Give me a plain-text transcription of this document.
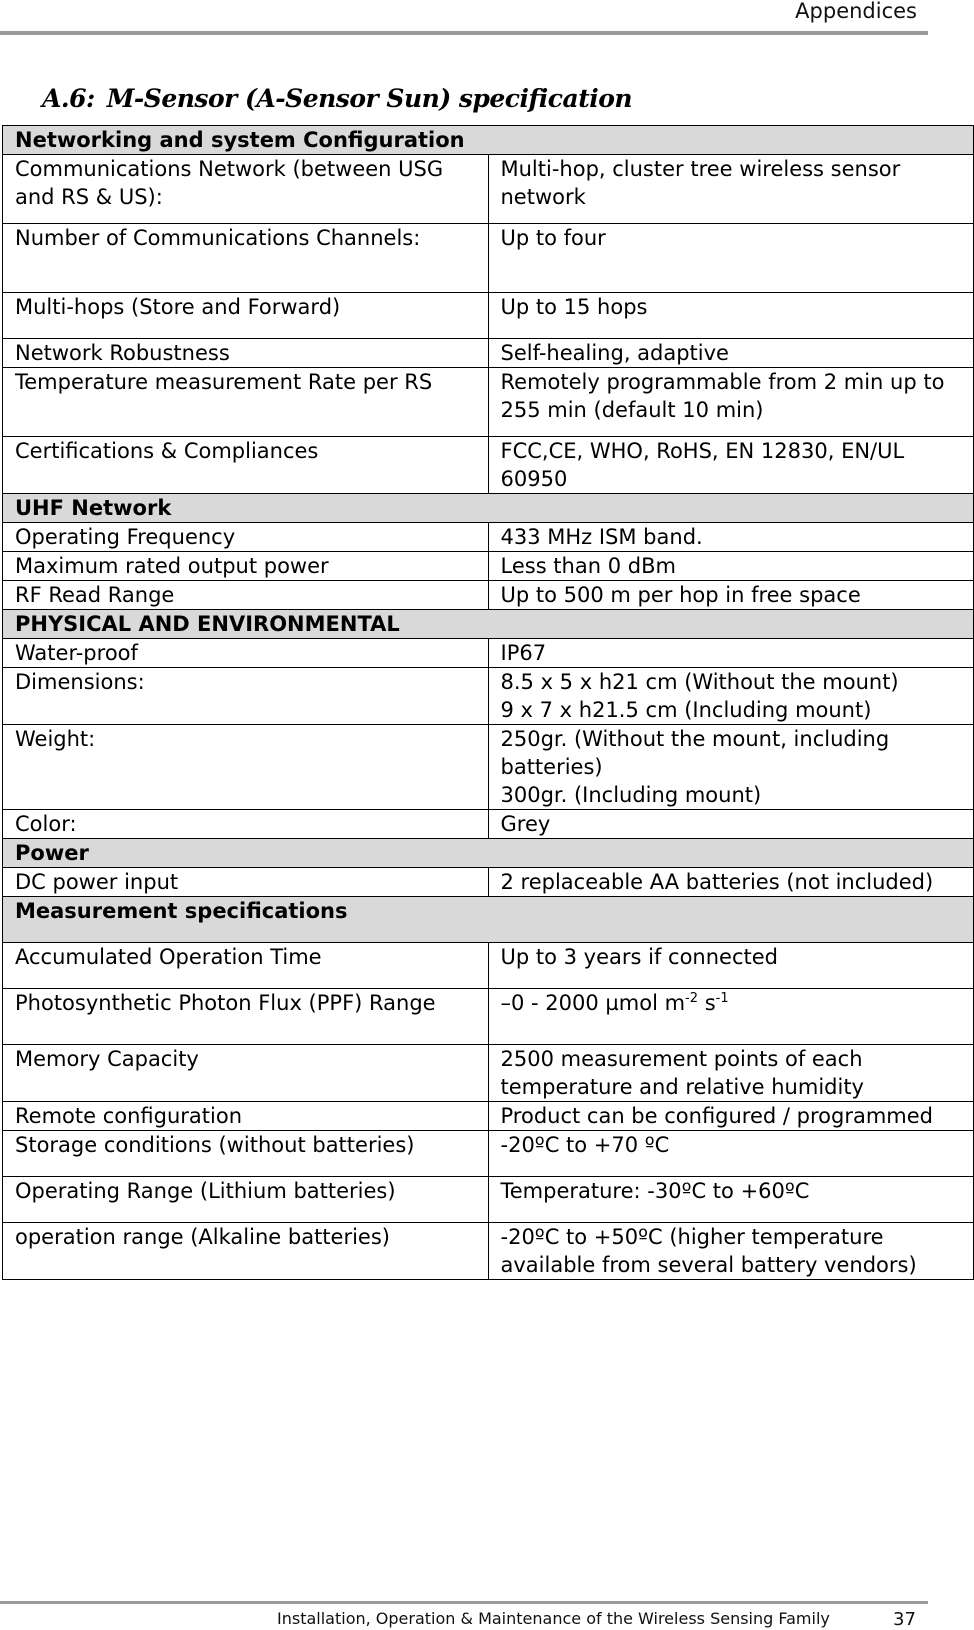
Appendices
A.6: M-Sensor (A-Sensor Sun) specification
Networking and system Configuration	
Communications Network (between USG and RS & US):	Multi-hop, cluster tree wireless sensor network
Number of Communications Channels:	Up to four
Multi-hops (Store and Forward)	Up to 15 hops
Network Robustness	Self-healing, adaptive
Temperature measurement Rate per RS	Remotely programmable from 2 min up to 255 min (default 10 min)
Certifications & Compliances	FCC,CE, WHO, RoHS, EN 12830, EN/UL 60950
UHF Network	
Operating Frequency	433 MHz ISM band.
Maximum rated output power	Less than 0 dBm
RF Read Range	Up to 500 m per hop in free space
PHYSICAL AND ENVIRONMENTAL	
Water-proof	IP67
Dimensions:	8.5 x 5 x h21 cm (Without the mount)
9 x 7 x h21.5 cm (Including mount)
Weight:	250gr. (Without the mount, including batteries)
300gr. (Including mount)
Color:	Grey
Power	
DC power input	2 replaceable AA batteries (not included)
Measurement specifications	
Accumulated Operation Time	Up to 3 years if connected
Photosynthetic Photon Flux (PPF) Range	–0 - 2000 µmol $m^{-2}$ $s^{-1}$
Memory Capacity	2500 measurement points of each temperature and relative humidity
Remote configuration	Product can be configured / programmed
Storage conditions (without batteries)	-20ºC to +70 ºC
Operating Range (Lithium batteries)	Temperature: -30ºC to +60ºC
operation range (Alkaline batteries)	-20ºC to +50ºC (higher temperature available from several battery vendors)
Installation, Operation & Maintenance of the Wireless Sensing Family	37
